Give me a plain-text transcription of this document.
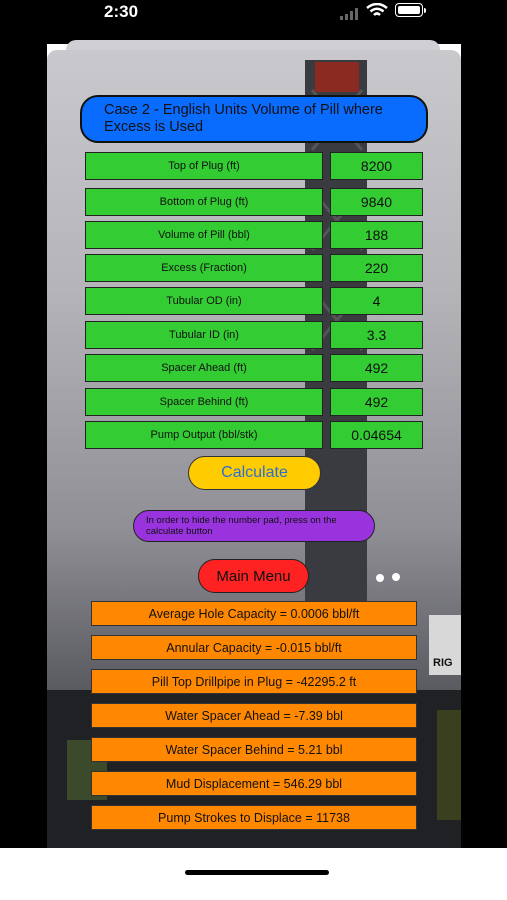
2:30
RIG
Case 2 - English Units Volume of Pill where Excess is Used
Top of Plug (ft)	8200
Bottom of Plug (ft)	9840
Volume of Pill (bbl)	188
Excess (Fraction)	220
Tubular OD (in)	4
Tubular ID (in)	3.3
Spacer Ahead (ft)	492
Spacer Behind (ft)	492
Pump Output (bbl/stk)	0.04654
Calculate
In order to hide the number pad, press on the calculate button
Main Menu
Average Hole Capacity = 0.0006 bbl/ft
Annular Capacity = -0.015 bbl/ft
Pill Top Drillpipe in Plug = -42295.2 ft
Water Spacer Ahead = -7.39 bbl
Water Spacer Behind = 5.21 bbl
Mud Displacement = 546.29 bbl
Pump Strokes to Displace = 11738
